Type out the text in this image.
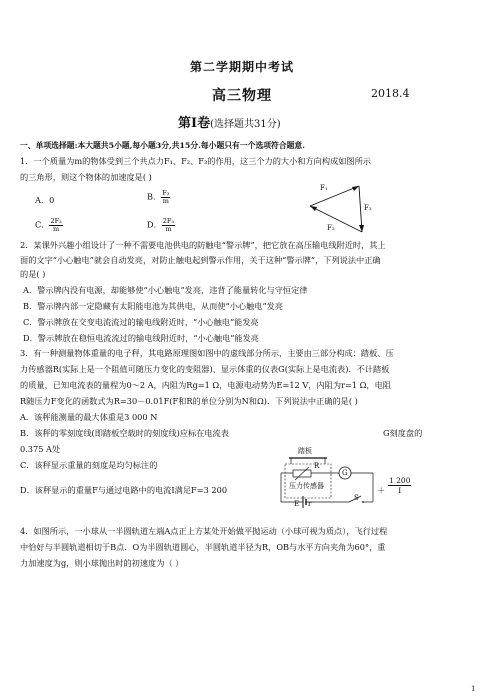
第二学期期中考试
高三物理	2018.4
第Ⅰ卷(选择题共31分)
一、单项选择题:本大题共5小题,每小题3分,共15分.每小题只有一个选项符合题意.
1．一个质量为m的物体受到三个共点力F₁、F₂、F₃的作用，这三个力的大小和方向构成如图所示
的三角形，则这个物体的加速度是( )
A．0	B． $\frac{\text{F₃}}{m}$
C． $\frac{\text{2F₂}}{m}$	D． $\frac{\text{2F₃}}{m}$
F₁
F₃
F₂
2．某课外兴趣小组设计了一种不需要电池供电的防触电“警示牌”，把它放在高压输电线附近时，其上
面的文字“小心触电”就会自动发亮，对防止触电起到警示作用，关于这种“警示牌”，下列说法中正确
的是( )
A．警示牌内没有电源，却能够使“小心触电”发亮，违背了能量转化与守恒定律
B．警示牌内部一定隐藏有太阳能电池为其供电，从而使“小心触电”发亮
C．警示牌放在交变电流流过的输电线附近时，“小心触电”能发亮
D．警示牌放在稳恒电流流过的输电线附近时，“小心触电”能发亮
3．有一种测量物体重量的电子秤，其电路原理图如图中的虚线部分所示，主要由三部分构成：踏板、压
力传感器R(实际上是一个阻值可随压力变化的变阻器)、显示体重的仪表G(实际上是电流表)．不计踏板
的质量，已知电流表的量程为0～2 A，内阻为Rg=1 Ω，电源电动势为E=12 V，内阻为r=1 Ω，电阻
R随压力F变化的函数式为R=30－0.01F(F和R的单位分别为N和Ω)．下列说法中正确的是( )
A．该秤能测量的最大体重是3 000 N
B．该秤的零刻度线(即踏板空载时的刻度线)应标在电流表	G刻度盘的
0.375 A处
C．该秤显示重量的刻度是均匀标注的
D．该秤显示的重量F与通过电路中的电流I满足F=3 200	＋ $\frac{1 200}{I}$
踏板
R
G
压力传感器
E r
S
4．如图所示，一小球从一半圆轨道左端A点正上方某处开始做平抛运动（小球可视为质点），飞行过程
中恰好与半圆轨道相切于B点．O为半圆轨道圆心，半圆轨道半径为R，OB与水平方向夹角为60°，重
力加速度为g，则小球抛出时的初速度为（ ）
1
